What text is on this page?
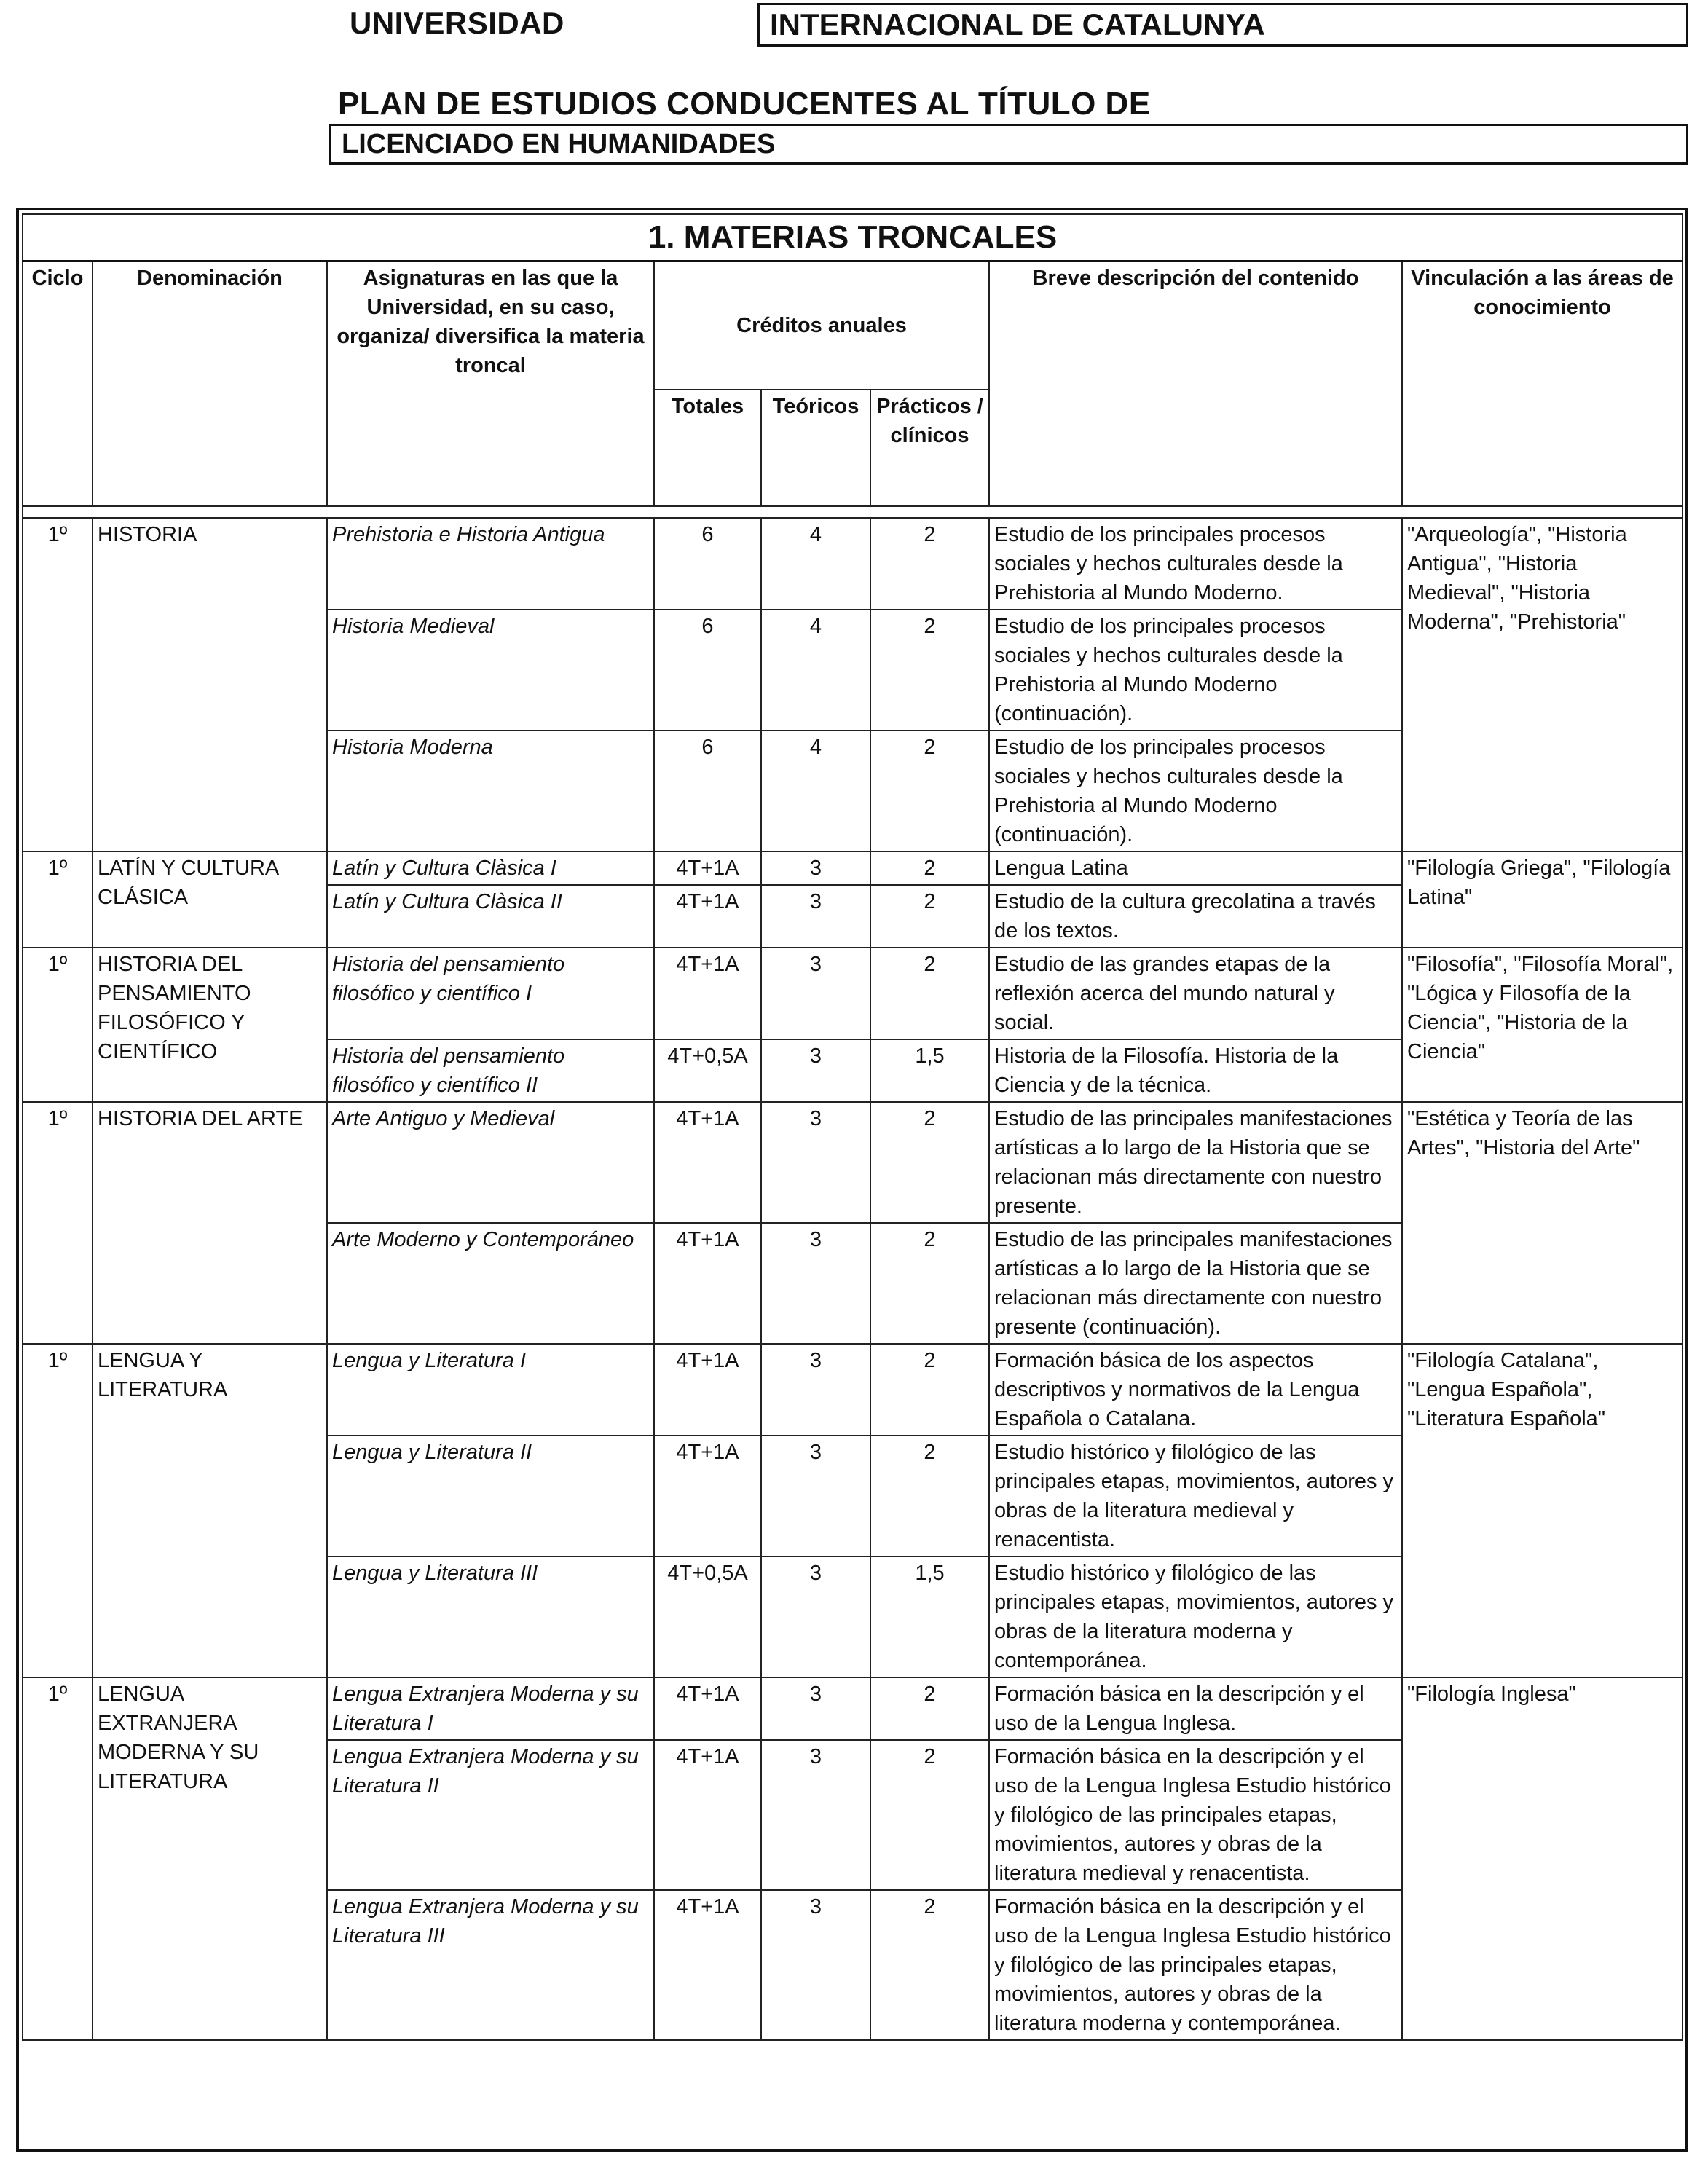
UNIVERSIDAD	INTERNACIONAL DE CATALUNYA
PLAN DE ESTUDIOS CONDUCENTES AL TÍTULO DE
LICENCIADO EN HUMANIDADES
1. MATERIAS TRONCALES							
Ciclo	Denominación	Asignaturas en las que la Universidad, en su caso, organiza/ diversifica la materia troncal	Créditos anuales			Breve descripción del contenido	Vinculación a las áreas de conocimiento
			Totales	Teóricos	Prácticos / clínicos		

1º	HISTORIA	Prehistoria e Historia Antigua	6	4	2	Estudio de los principales procesos sociales y hechos culturales desde la Prehistoria al Mundo Moderno.	"Arqueología", "Historia Antigua", "Historia Medieval", "Historia Moderna", "Prehistoria"
		Historia Medieval	6	4	2	Estudio de los principales procesos sociales y hechos culturales desde la Prehistoria al Mundo Moderno (continuación).	
		Historia Moderna	6	4	2	Estudio de los principales procesos sociales y hechos culturales desde la Prehistoria al Mundo Moderno (continuación).	
1º	LATÍN Y CULTURA CLÁSICA	Latín y Cultura Clàsica I	4T+1A	3	2	Lengua Latina	"Filología Griega", "Filología Latina"
		Latín y Cultura Clàsica II	4T+1A	3	2	Estudio de la cultura grecolatina a través de los textos.	
1º	HISTORIA DEL PENSAMIENTO FILOSÓFICO Y CIENTÍFICO	Historia del pensamiento filosófico y científico I	4T+1A	3	2	Estudio de las grandes etapas de la reflexión acerca del mundo natural y social.	"Filosofía", "Filosofía Moral", "Lógica y Filosofía de la Ciencia", "Historia de la Ciencia"
		Historia del pensamiento filosófico y científico II	4T+0,5A	3	1,5	Historia de la Filosofía. Historia de la Ciencia y de la técnica.	
1º	HISTORIA DEL ARTE	Arte Antiguo y Medieval	4T+1A	3	2	Estudio de las principales manifestaciones artísticas a lo largo de la Historia que se relacionan más directamente con nuestro presente.	"Estética y Teoría de las Artes", "Historia del Arte"
		Arte Moderno y Contemporáneo	4T+1A	3	2	Estudio de las principales manifestaciones artísticas a lo largo de la Historia que se relacionan más directamente con nuestro presente (continuación).	
1º	LENGUA Y LITERATURA	Lengua y Literatura I	4T+1A	3	2	Formación básica de los aspectos descriptivos y normativos de la Lengua Española o Catalana.	"Filología Catalana", "Lengua Española", "Literatura Española"
		Lengua y Literatura II	4T+1A	3	2	Estudio histórico y filológico de las principales etapas, movimientos, autores y obras de la literatura medieval y renacentista.	
		Lengua y Literatura III	4T+0,5A	3	1,5	Estudio histórico y filológico de las principales etapas, movimientos, autores y obras de la literatura moderna y contemporánea.	
1º	LENGUA EXTRANJERA MODERNA Y SU LITERATURA	Lengua Extranjera Moderna y su Literatura I	4T+1A	3	2	Formación básica en la descripción y el uso de la Lengua Inglesa.	"Filología Inglesa"
		Lengua Extranjera Moderna y su Literatura II	4T+1A	3	2	Formación básica en la descripción y el uso de la Lengua Inglesa Estudio histórico y filológico de las principales etapas, movimientos, autores y obras de la literatura medieval y renacentista.	
		Lengua Extranjera Moderna y su Literatura III	4T+1A	3	2	Formación básica en la descripción y el uso de la Lengua Inglesa Estudio histórico y filológico de las principales etapas, movimientos, autores y obras de la literatura moderna y contemporánea.	
